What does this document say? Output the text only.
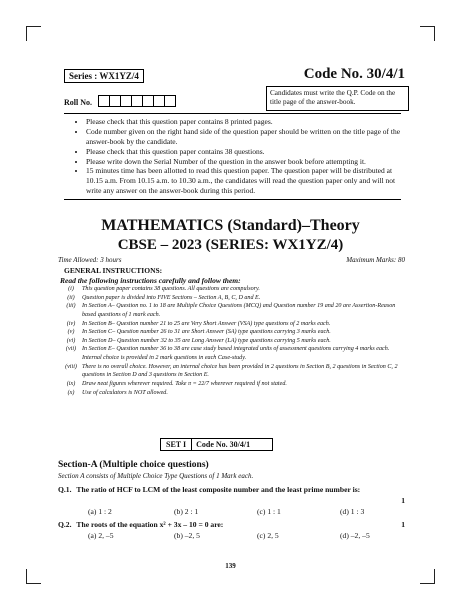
Series : WX1YZ/4	Code No. 30/4/1
Roll No.
Candidates must write the Q.P. Code on the title page of the answer-book.
• Please check that this question paper contains 8 printed pages.
• Code number given on the right hand side of the question paper should be written on the title page of the answer-book by the candidate.
• Please check that this question paper contains 38 questions.
• Please write down the Serial Number of the question in the answer book before attempting it.
• 15 minutes time has been allotted to read this question paper. The question paper will be distributed at 10.15 a.m. From 10.15 a.m. to 10.30 a.m., the candidates will read the question paper only and will not write any answer on the answer-book during this period.
MATHEMATICS (Standard)–Theory
CBSE – 2023 (SERIES: WX1YZ/4)
Time Allowed: 3 hours	Maximum Marks: 80
GENERAL INSTRUCTIONS:
Read the following instructions carefully and follow them:
(i)	This question paper contains 38 questions. All questions are compulsory.
(ii)	Question paper is divided into FIVE Sections – Section A, B, C, D and E.
(iii)	In Section A– Question no. 1 to 18 are Multiple Choice Questions (MCQ) and Question number 19 and 20 are Assertion-Reason based questions of 1 mark each.
(iv)	In Section B– Question number 21 to 25 are Very Short Answer (VSA) type questions of 2 marks each.
(v)	In Section C– Question number 26 to 31 are Short Answer (SA) type questions carrying 3 marks each.
(vi)	In Section D– Question number 32 to 35 are Long Answer (LA) type questions carrying 5 marks each.
(vii) In Section E– Question number 36 to 38 are case study based integrated units of assessment questions carrying 4 marks each. Internal choice is provided in 2 mark questions in each Case-study.
(viii) There is no overall choice. However, an internal choice has been provided in 2 questions in Section B, 2 questions in Section C, 2 questions in Section D and 3 questions in Section E.
(ix)	Draw neat figures wherever required. Take π = 22/7 wherever required if not stated.
(x)	Use of calculators is NOT allowed.
SET I	Code No. 30/4/1
Section-A (Multiple choice questions)
Section A consists of Multiple Choice Type Questions of 1 Mark each.
Q.1. The ratio of HCF to LCM of the least composite number and the least prime number is:
1
(a) 1 : 2	(b) 2 : 1	(c) 1 : 1	(d) 1 : 3
Q.2. The roots of the equation x² + 3x – 10 = 0 are:	1
(a) 2, –5	(b) –2, 5	(c) 2, 5	(d) –2, –5
139
